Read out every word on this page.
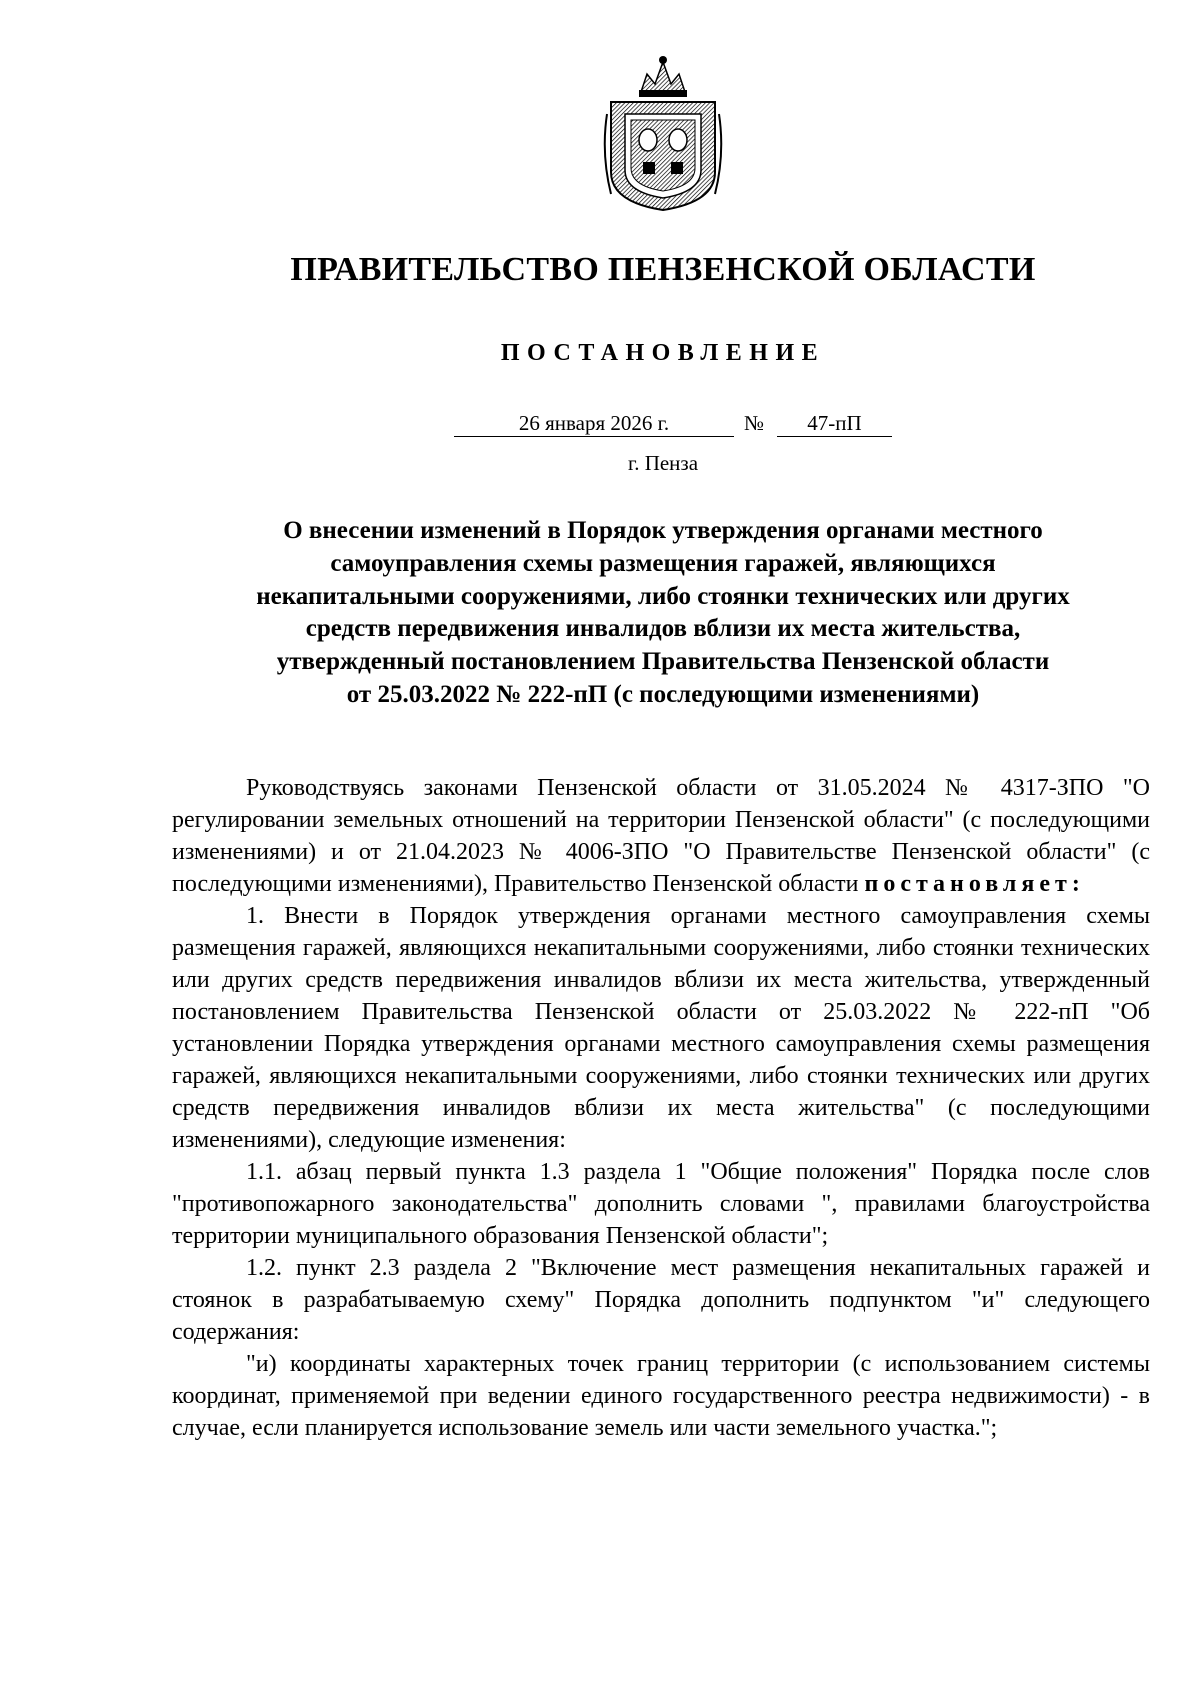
ПРАВИТЕЛЬСТВО ПЕНЗЕНСКОЙ ОБЛАСТИ
ПОСТАНОВЛЕНИЕ
26 января 2026 г.	№	47-пП
г. Пенза
О внесении изменений в Порядок утверждения органами местного
самоуправления схемы размещения гаражей, являющихся
некапитальными сооружениями, либо стоянки технических или других
средств передвижения инвалидов вблизи их места жительства,
утвержденный постановлением Правительства Пензенской области
от 25.03.2022 № 222-пП (с последующими изменениями)

Руководствуясь законами Пензенской области от 31.05.2024 № 4317-ЗПО "О регулировании земельных отношений на территории Пензенской области" (с последующими изменениями) и от 21.04.2023 № 4006-ЗПО "О Правительстве Пензенской области" (с последующими изменениями), Правительство Пензенской области постановляет:

1. Внести в Порядок утверждения органами местного самоуправления схемы размещения гаражей, являющихся некапитальными сооружениями, либо стоянки технических или других средств передвижения инвалидов вблизи их места жительства, утвержденный постановлением Правительства Пензенской области от 25.03.2022 № 222-пП "Об установлении Порядка утверждения органами местного самоуправления схемы размещения гаражей, являющихся некапитальными сооружениями, либо стоянки технических или других средств передвижения инвалидов вблизи их места жительства" (с последующими изменениями), следующие изменения:

1.1. абзац первый пункта 1.3 раздела 1 "Общие положения" Порядка после слов "противопожарного законодательства" дополнить словами ", правилами благоустройства территории муниципального образования Пензенской области";

1.2. пункт 2.3 раздела 2 "Включение мест размещения некапитальных гаражей и стоянок в разрабатываемую схему" Порядка дополнить подпунктом "и" следующего содержания:

"и) координаты характерных точек границ территории (с использованием системы координат, применяемой при ведении единого государственного реестра недвижимости) - в случае, если планируется использование земель или части земельного участка.";
